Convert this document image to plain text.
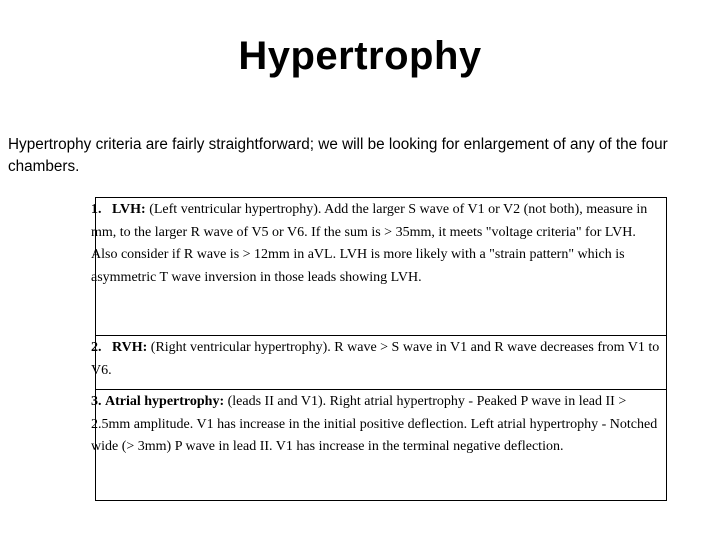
Hypertrophy
Hypertrophy criteria are fairly straightforward; we will be looking for enlargement of any of the four chambers.
1. LVH: (Left ventricular hypertrophy). Add the larger S wave of V1 or V2 (not both), measure in mm, to the larger R wave of V5 or V6. If the sum is > 35mm, it meets "voltage criteria" for LVH. Also consider if R wave is > 12mm in aVL. LVH is more likely with a "strain pattern" which is asymmetric T wave inversion in those leads showing LVH.
2. RVH: (Right ventricular hypertrophy). R wave > S wave in V1 and R wave decreases from V1 to V6.
3. Atrial hypertrophy: (leads II and V1). Right atrial hypertrophy - Peaked P wave in lead II > 2.5mm amplitude. V1 has increase in the initial positive deflection. Left atrial hypertrophy - Notched wide (> 3mm) P wave in lead II. V1 has increase in the terminal negative deflection.
